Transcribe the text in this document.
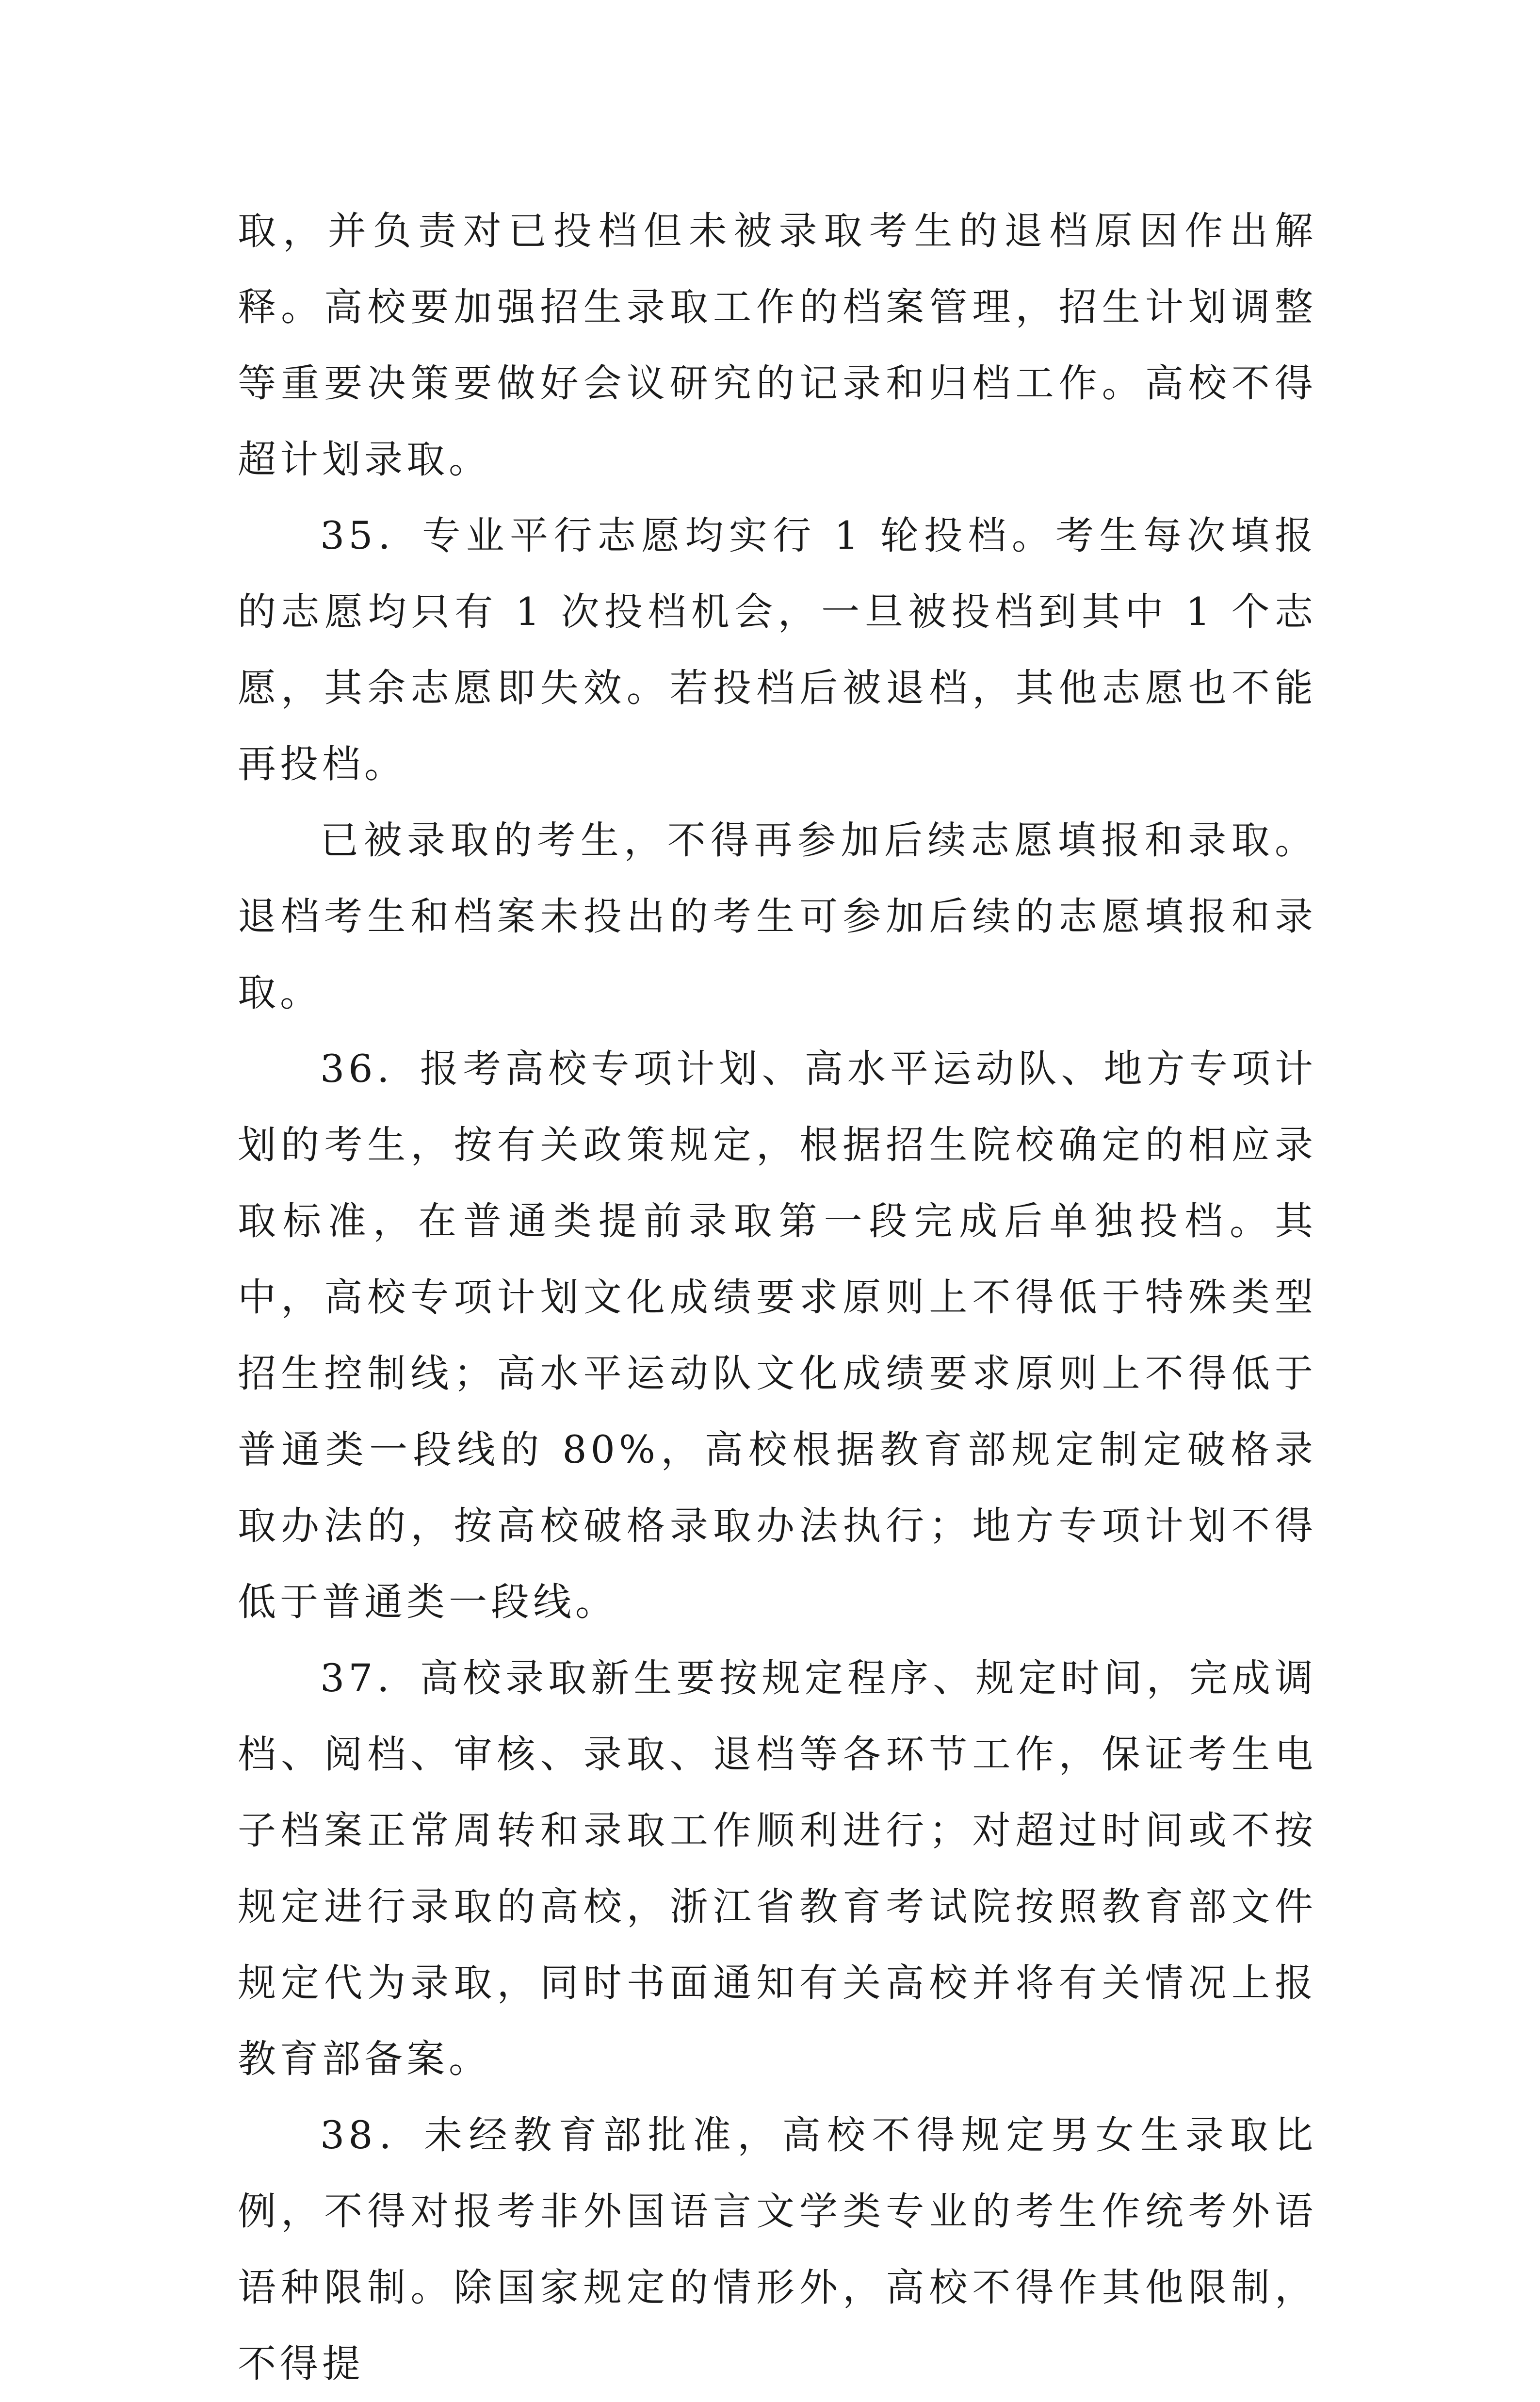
取，并负责对已投档但未被录取考生的退档原因作出解释。高校要加强招生录取工作的档案管理，招生计划调整等重要决策要做好会议研究的记录和归档工作。高校不得超计划录取。

35．专业平行志愿均实行 1 轮投档。考生每次填报的志愿均只有 1 次投档机会，一旦被投档到其中 1 个志愿，其余志愿即失效。若投档后被退档，其他志愿也不能再投档。

已被录取的考生，不得再参加后续志愿填报和录取。退档考生和档案未投出的考生可参加后续的志愿填报和录取。

36．报考高校专项计划、高水平运动队、地方专项计划的考生，按有关政策规定，根据招生院校确定的相应录取标准，在普通类提前录取第一段完成后单独投档。其中，高校专项计划文化成绩要求原则上不得低于特殊类型招生控制线；高水平运动队文化成绩要求原则上不得低于普通类一段线的 80%，高校根据教育部规定制定破格录取办法的，按高校破格录取办法执行；地方专项计划不得低于普通类一段线。

37．高校录取新生要按规定程序、规定时间，完成调档、阅档、审核、录取、退档等各环节工作，保证考生电子档案正常周转和录取工作顺利进行；对超过时间或不按规定进行录取的高校，浙江省教育考试院按照教育部文件规定代为录取，同时书面通知有关高校并将有关情况上报教育部备案。

38．未经教育部批准，高校不得规定男女生录取比例，不得对报考非外国语言文学类专业的考生作统考外语语种限制。除国家规定的情形外，高校不得作其他限制，不得提
